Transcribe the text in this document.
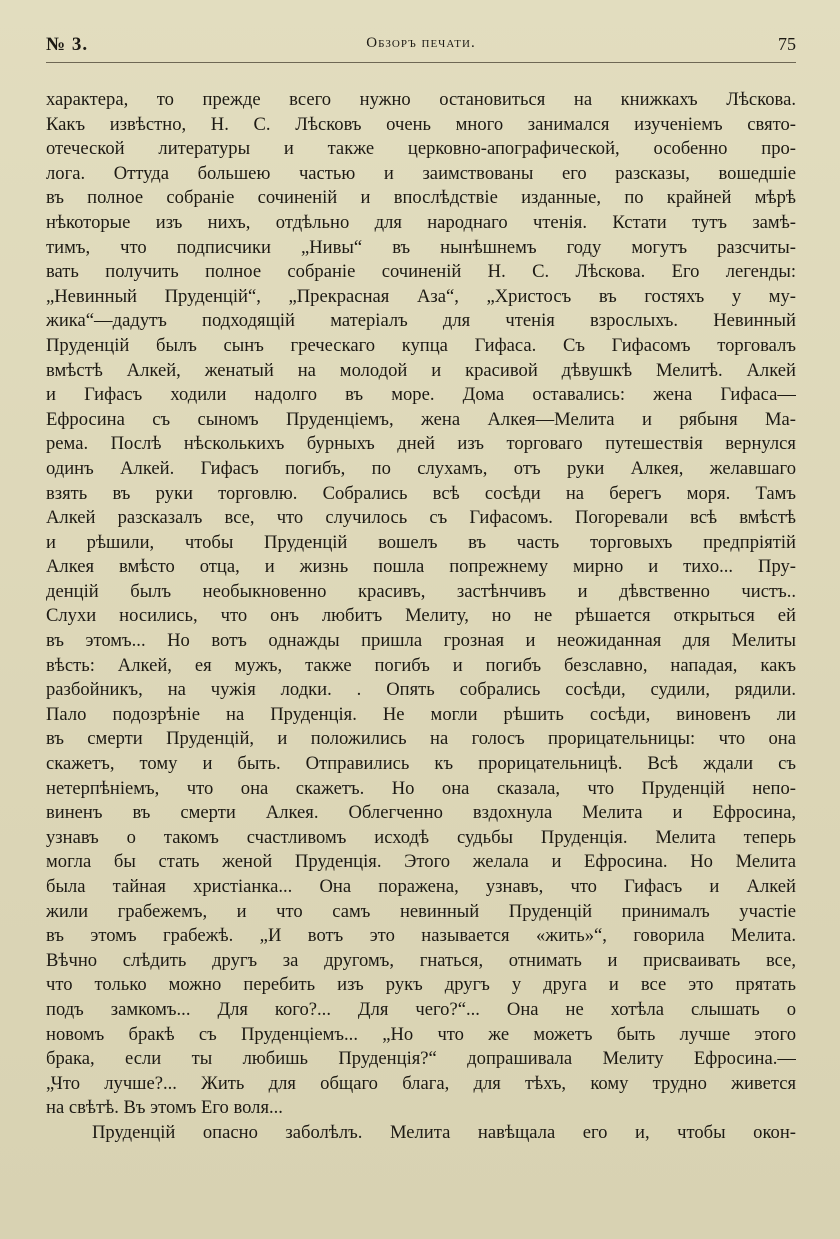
№ 3.	Обзоръ печати.	75
характера, то прежде всего нужно остановиться на книжкахъ Лѣскова.
Какъ извѣстно, Н. С. Лѣсковъ очень много занимался изученіемъ свято-
отеческой литературы и также церковно-апографической, особенно про-
лога. Оттуда большею частью и заимствованы его разсказы, вошедшіе
въ полное собраніе сочиненій и впослѣдствіе изданные, по крайней мѣрѣ
нѣкоторые изъ нихъ, отдѣльно для народнаго чтенія. Кстати тутъ замѣ-
тимъ, что подписчики „Нивы“ въ нынѣшнемъ году могутъ разсчиты-
вать получить полное собраніе сочиненій Н. С. Лѣскова. Его легенды:
„Невинный Пруденцій“, „Прекрасная Аза“, „Христосъ въ гостяхъ у му-
жика“—дадутъ подходящій матеріалъ для чтенія взрослыхъ. Невинный
Пруденцій былъ сынъ греческаго купца Гифаса. Съ Гифасомъ торговалъ
вмѣстѣ Алкей, женатый на молодой и красивой дѣвушкѣ Мелитѣ. Алкей
и Гифасъ ходили надолго въ море. Дома оставались: жена Гифаса—
Ефросина съ сыномъ Пруденціемъ, жена Алкея—Мелита и рябыня Ма-
рема. Послѣ нѣсколькихъ бурныхъ дней изъ торговаго путешествія вернулся
одинъ Алкей. Гифасъ погибъ, по слухамъ, отъ руки Алкея, желавшаго
взять въ руки торговлю. Собрались всѣ сосѣди на берегъ моря. Тамъ
Алкей разсказалъ все, что случилось съ Гифасомъ. Погоревали всѣ вмѣстѣ
и рѣшили, чтобы Пруденцій вошелъ въ часть торговыхъ предпріятій
Алкея вмѣсто отца, и жизнь пошла попрежнему мирно и тихо... Пру-
денцій былъ необыкновенно красивъ, застѣнчивъ и дѣвственно чистъ..
Слухи носились, что онъ любитъ Мелиту, но не рѣшается открыться ей
въ этомъ... Но вотъ однажды пришла грозная и неожиданная для Мелиты
вѣсть: Алкей, ея мужъ, также погибъ и погибъ безславно, нападая, какъ
разбойникъ, на чужія лодки. . Опять собрались сосѣди, судили, рядили.
Пало подозрѣніе на Пруденція. Не могли рѣшить сосѣди, виновенъ ли
въ смерти Пруденцій, и положились на голосъ прорицательницы: что она
скажетъ, тому и быть. Отправились къ прорицательницѣ. Всѣ ждали съ
нетерпѣніемъ, что она скажетъ. Но она сказала, что Пруденцій непо-
виненъ въ смерти Алкея. Облегченно вздохнула Мелита и Ефросина,
узнавъ о такомъ счастливомъ исходѣ судьбы Пруденція. Мелита теперь
могла бы стать женой Пруденція. Этого желала и Ефросина. Но Мелита
была тайная христіанка... Она поражена, узнавъ, что Гифасъ и Алкей
жили грабежемъ, и что самъ невинный Пруденцій принималъ участіе
въ этомъ грабежѣ. „И вотъ это называется «жить»“, говорила Мелита.
Вѣчно слѣдить другъ за другомъ, гнаться, отнимать и присваивать все,
что только можно перебить изъ рукъ другъ у друга и все это прятать
подъ замкомъ... Для кого?... Для чего?“... Она не хотѣла слышать о
новомъ бракѣ съ Пруденціемъ... „Но что же можетъ быть лучше этого
брака, если ты любишь Пруденція?“ допрашивала Мелиту Ефросина.—
„Что лучше?... Жить для общаго блага, для тѣхъ, кому трудно живется
на свѣтѣ. Въ этомъ Его воля...
Пруденцій опасно заболѣлъ. Мелита навѣщала его и, чтобы окон-
